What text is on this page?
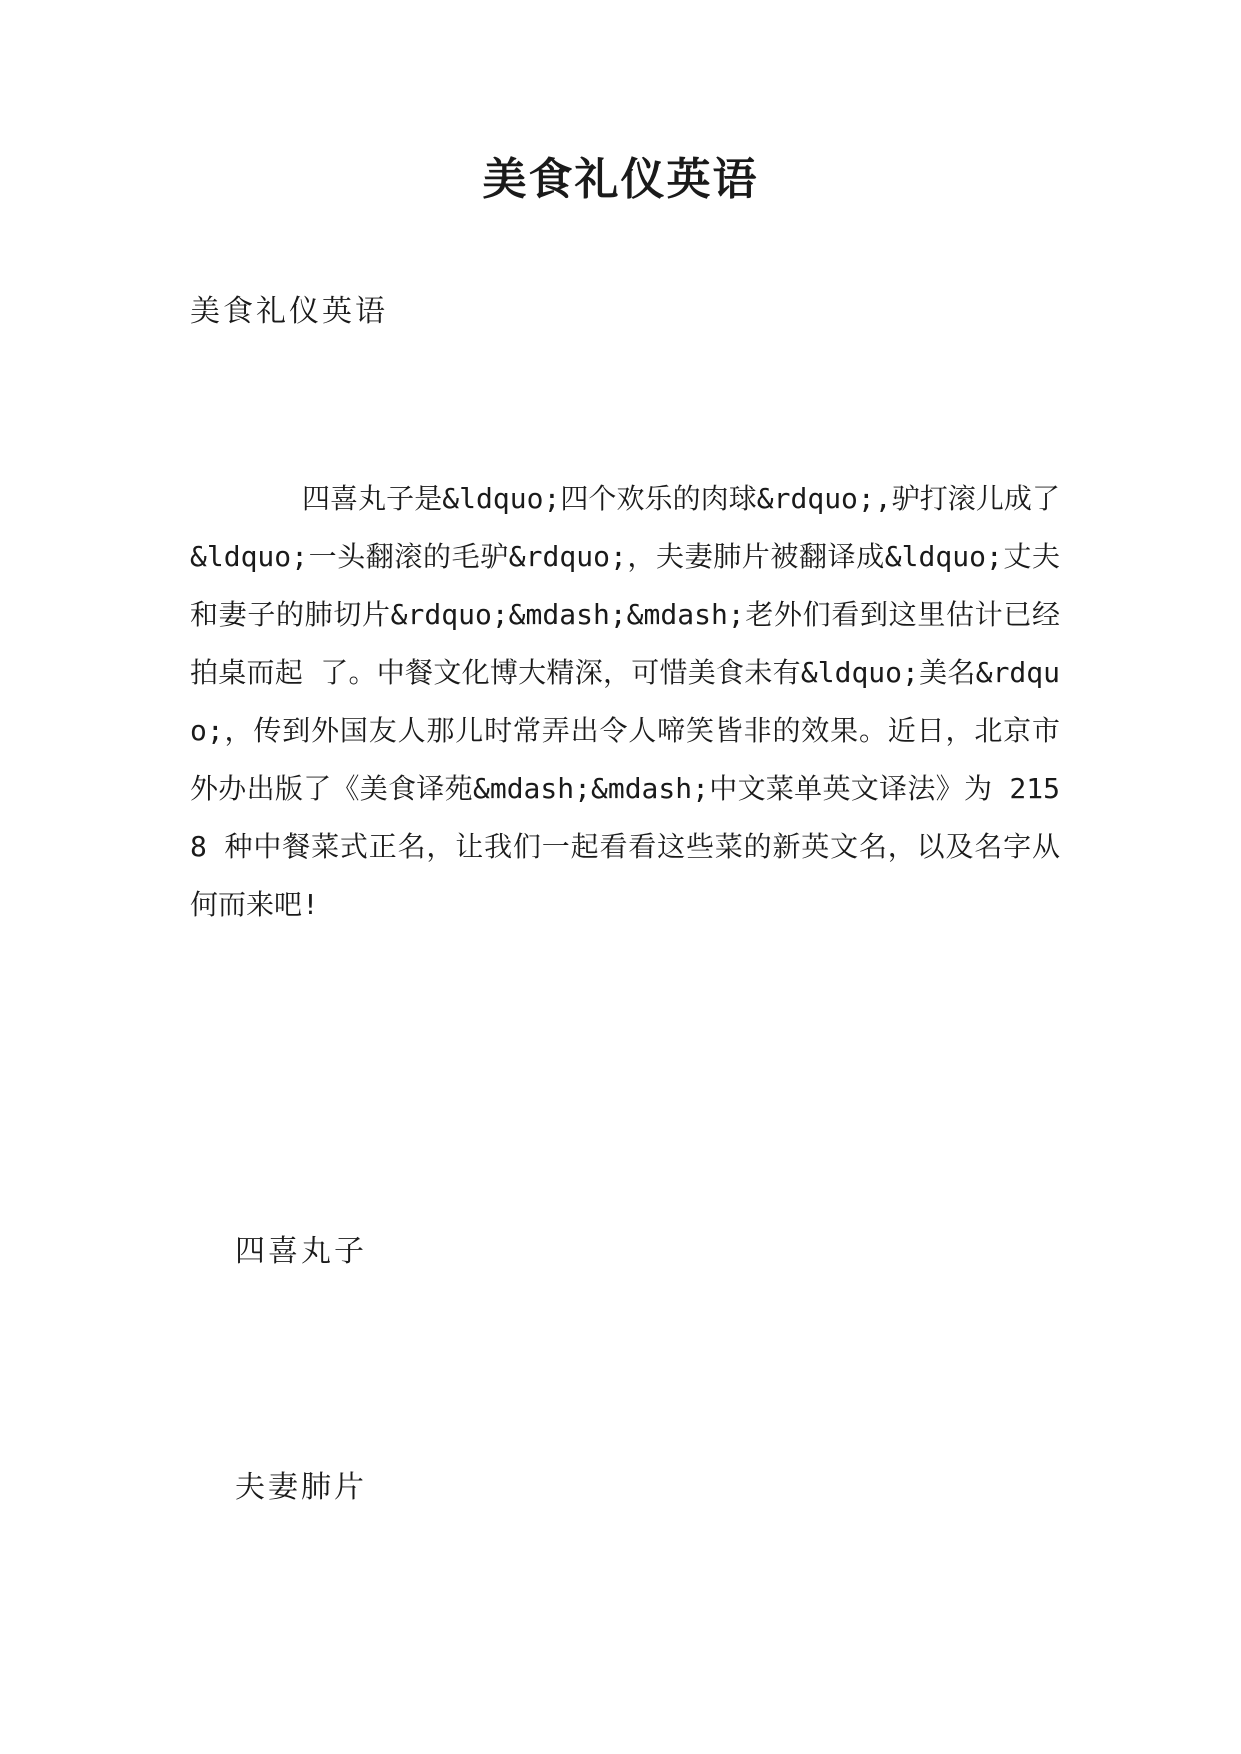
美食礼仪英语

美食礼仪英语

四喜丸子是&ldquo;四个欢乐的肉球&rdquo;,驴打滚儿成了&ldquo;一头翻滚的毛驴&rdquo;，夫妻肺片被翻译成&ldquo;丈夫和妻子的肺切片&rdquo;&mdash;&mdash;老外们看到这里估计已经拍桌而起 了。中餐文化博大精深，可惜美食未有&ldquo;美名&rdquo;，传到外国友人那儿时常弄出令人啼笑皆非的效果。近日，北京市外办出版了《美食译苑&mdash;&mdash;中文菜单英文译法》为 2158 种中餐菜式正名，让我们一起看看这些菜的新英文名，以及名字从何而来吧!

四喜丸子

夫妻肺片
